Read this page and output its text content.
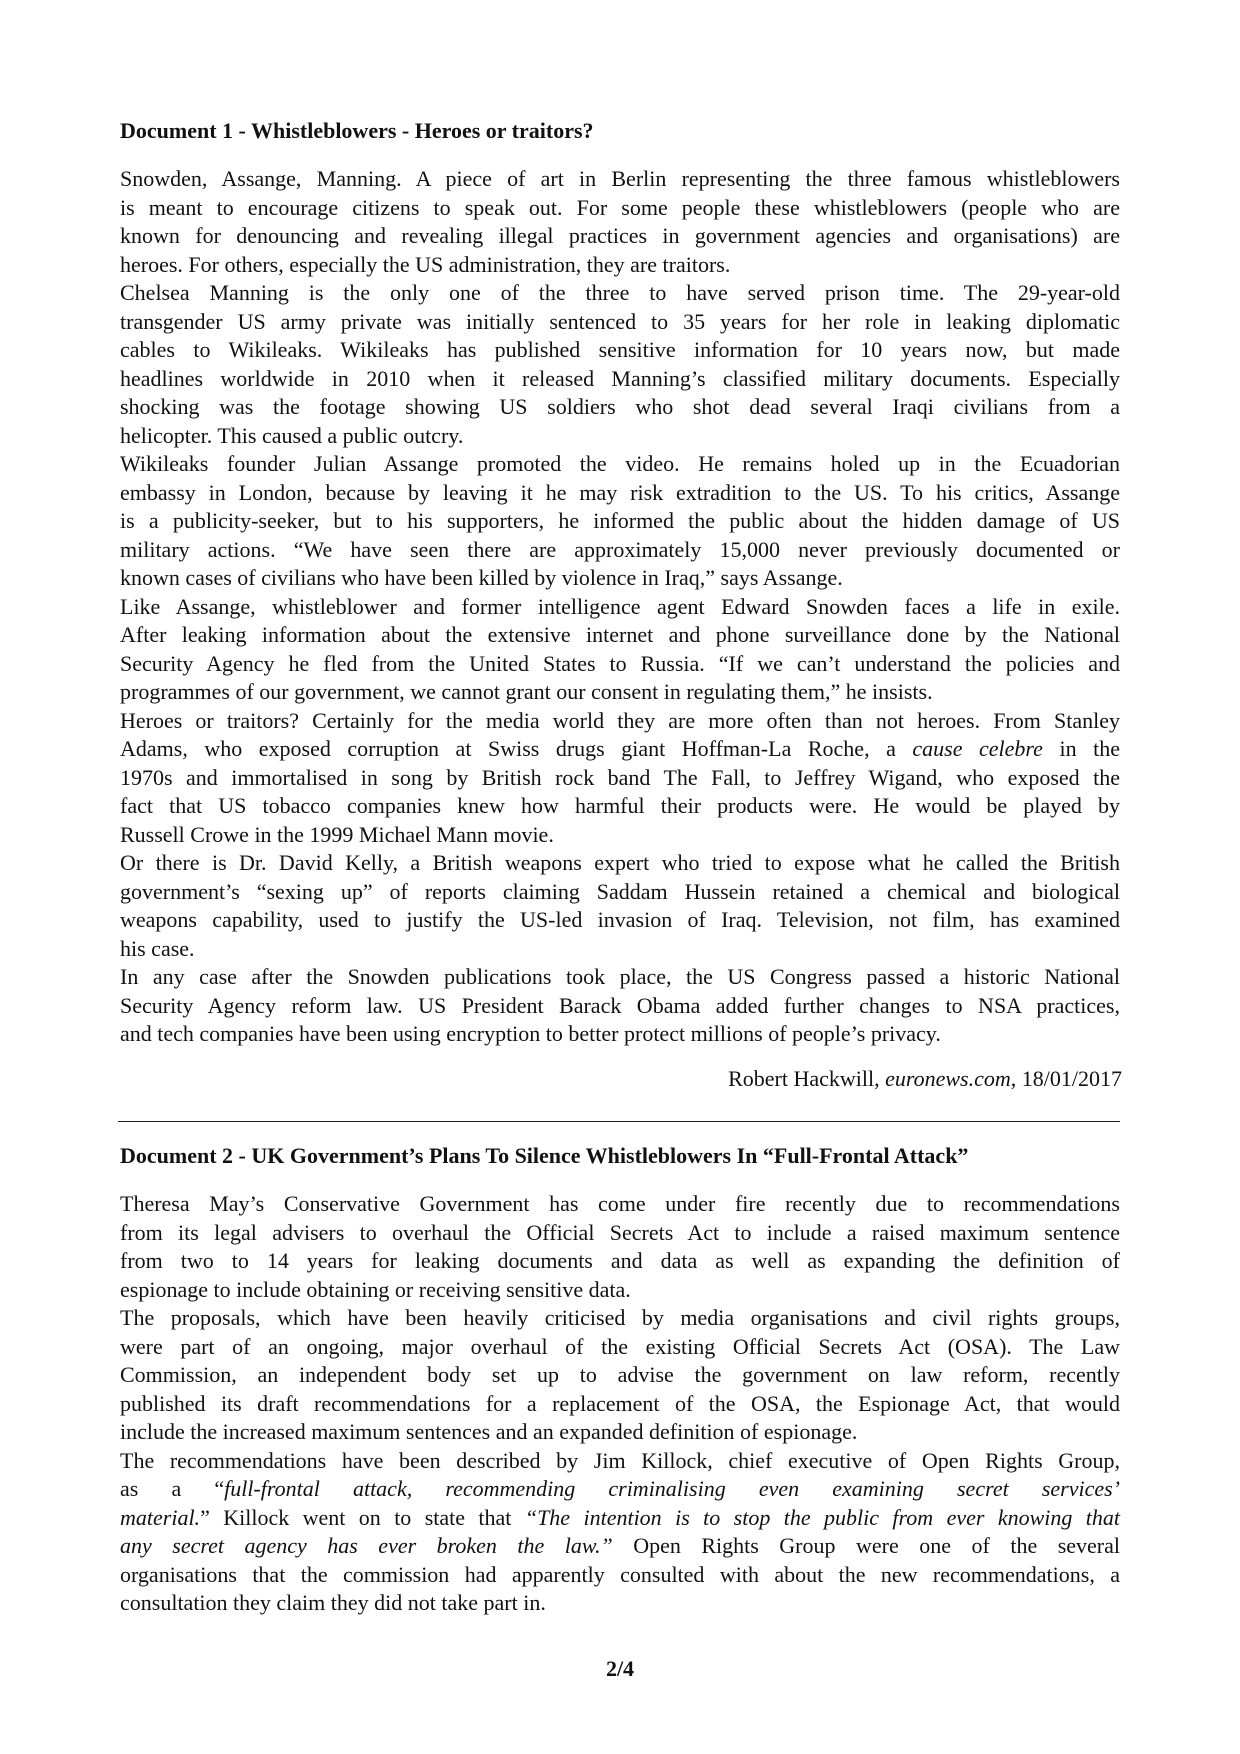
Document 1 - Whistleblowers - Heroes or traitors?
Snowden, Assange, Manning. A piece of art in Berlin representing the three famous whistleblowers
is meant to encourage citizens to speak out. For some people these whistleblowers (people who are
known for denouncing and revealing illegal practices in government agencies and organisations) are
heroes. For others, especially the US administration, they are traitors.
Chelsea Manning is the only one of the three to have served prison time. The 29-year-old
transgender US army private was initially sentenced to 35 years for her role in leaking diplomatic
cables to Wikileaks. Wikileaks has published sensitive information for 10 years now, but made
headlines worldwide in 2010 when it released Manning’s classified military documents. Especially
shocking was the footage showing US soldiers who shot dead several Iraqi civilians from a
helicopter. This caused a public outcry.
Wikileaks founder Julian Assange promoted the video. He remains holed up in the Ecuadorian
embassy in London, because by leaving it he may risk extradition to the US. To his critics, Assange
is a publicity-seeker, but to his supporters, he informed the public about the hidden damage of US
military actions. “We have seen there are approximately 15,000 never previously documented or
known cases of civilians who have been killed by violence in Iraq,” says Assange.
Like Assange, whistleblower and former intelligence agent Edward Snowden faces a life in exile.
After leaking information about the extensive internet and phone surveillance done by the National
Security Agency he fled from the United States to Russia. “If we can’t understand the policies and
programmes of our government, we cannot grant our consent in regulating them,” he insists.
Heroes or traitors? Certainly for the media world they are more often than not heroes. From Stanley
Adams, who exposed corruption at Swiss drugs giant Hoffman-La Roche, a cause celebre in the
1970s and immortalised in song by British rock band The Fall, to Jeffrey Wigand, who exposed the
fact that US tobacco companies knew how harmful their products were. He would be played by
Russell Crowe in the 1999 Michael Mann movie.
Or there is Dr. David Kelly, a British weapons expert who tried to expose what he called the British
government’s “sexing up” of reports claiming Saddam Hussein retained a chemical and biological
weapons capability, used to justify the US-led invasion of Iraq. Television, not film, has examined
his case.
In any case after the Snowden publications took place, the US Congress passed a historic National
Security Agency reform law. US President Barack Obama added further changes to NSA practices,
and tech companies have been using encryption to better protect millions of people’s privacy.
Robert Hackwill, euronews.com, 18/01/2017
Document 2 - UK Government’s Plans To Silence Whistleblowers In “Full-Frontal Attack”
Theresa May’s Conservative Government has come under fire recently due to recommendations
from its legal advisers to overhaul the Official Secrets Act to include a raised maximum sentence
from two to 14 years for leaking documents and data as well as expanding the definition of
espionage to include obtaining or receiving sensitive data.
The proposals, which have been heavily criticised by media organisations and civil rights groups,
were part of an ongoing, major overhaul of the existing Official Secrets Act (OSA). The Law
Commission, an independent body set up to advise the government on law reform, recently
published its draft recommendations for a replacement of the OSA, the Espionage Act, that would
include the increased maximum sentences and an expanded definition of espionage.
The recommendations have been described by Jim Killock, chief executive of Open Rights Group,
as a “full-frontal attack, recommending criminalising even examining secret services’
material.” Killock went on to state that “The intention is to stop the public from ever knowing that
any secret agency has ever broken the law.” Open Rights Group were one of the several
organisations that the commission had apparently consulted with about the new recommendations, a
consultation they claim they did not take part in.
2/4
